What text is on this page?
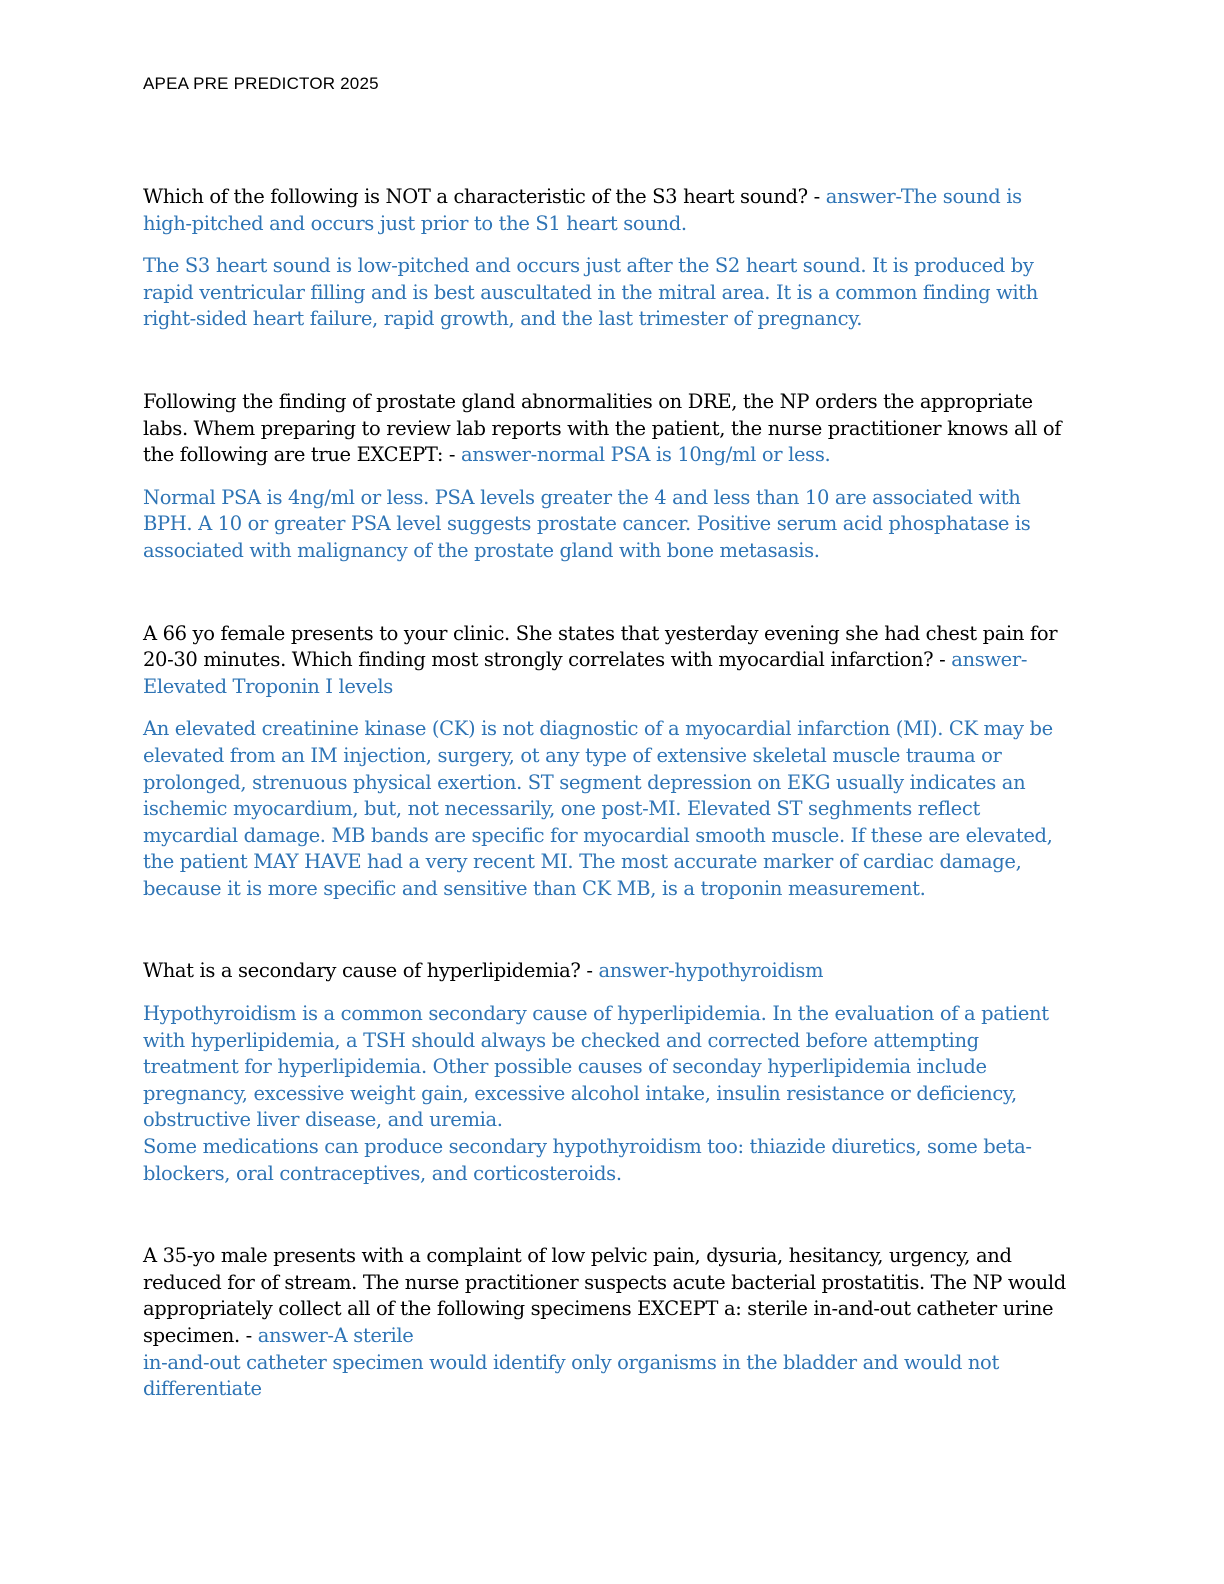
APEA PRE PREDICTOR 2025

Which of the following is NOT a characteristic of the S3 heart sound? - answer-The sound is high-pitched and occurs just prior to the S1 heart sound.

The S3 heart sound is low-pitched and occurs just after the S2 heart sound. It is produced by rapid ventricular filling and is best auscultated in the mitral area. It is a common finding with right-sided heart failure, rapid growth, and the last trimester of pregnancy.

Following the finding of prostate gland abnormalities on DRE, the NP orders the appropriate labs. Whem preparing to review lab reports with the patient, the nurse practitioner knows all of the following are true EXCEPT: - answer-normal PSA is 10ng/ml or less.

Normal PSA is 4ng/ml or less. PSA levels greater the 4 and less than 10 are associated with BPH. A 10 or greater PSA level suggests prostate cancer. Positive serum acid phosphatase is associated with malignancy of the prostate gland with bone metasasis.

A 66 yo female presents to your clinic. She states that yesterday evening she had chest pain for 20-30 minutes. Which finding most strongly correlates with myocardial infarction? - answer-Elevated Troponin I levels

An elevated creatinine kinase (CK) is not diagnostic of a myocardial infarction (MI). CK may be elevated from an IM injection, surgery, ot any type of extensive skeletal muscle trauma or prolonged, strenuous physical exertion. ST segment depression on EKG usually indicates an ischemic myocardium, but, not necessarily, one post-MI. Elevated ST seghments reflect mycardial damage. MB bands are specific for myocardial smooth muscle. If these are elevated, the patient MAY HAVE had a very recent MI. The most accurate marker of cardiac damage, because it is more specific and sensitive than CK MB, is a troponin measurement.

What is a secondary cause of hyperlipidemia? - answer-hypothyroidism

Hypothyroidism is a common secondary cause of hyperlipidemia. In the evaluation of a patient with hyperlipidemia, a TSH should always be checked and corrected before attempting treatment for hyperlipidemia. Other possible causes of seconday hyperlipidemia include pregnancy, excessive weight gain, excessive alcohol intake, insulin resistance or deficiency, obstructive liver disease, and uremia.

Some medications can produce secondary hypothyroidism too: thiazide diuretics, some beta-blockers, oral contraceptives, and corticosteroids.

A 35-yo male presents with a complaint of low pelvic pain, dysuria, hesitancy, urgency, and reduced for of stream. The nurse practitioner suspects acute bacterial prostatitis. The NP would appropriately collect all of the following specimens EXCEPT a: sterile in-and-out catheter urine specimen. - answer-A sterile

in-and-out catheter specimen would identify only organisms in the bladder and would not differentiate
